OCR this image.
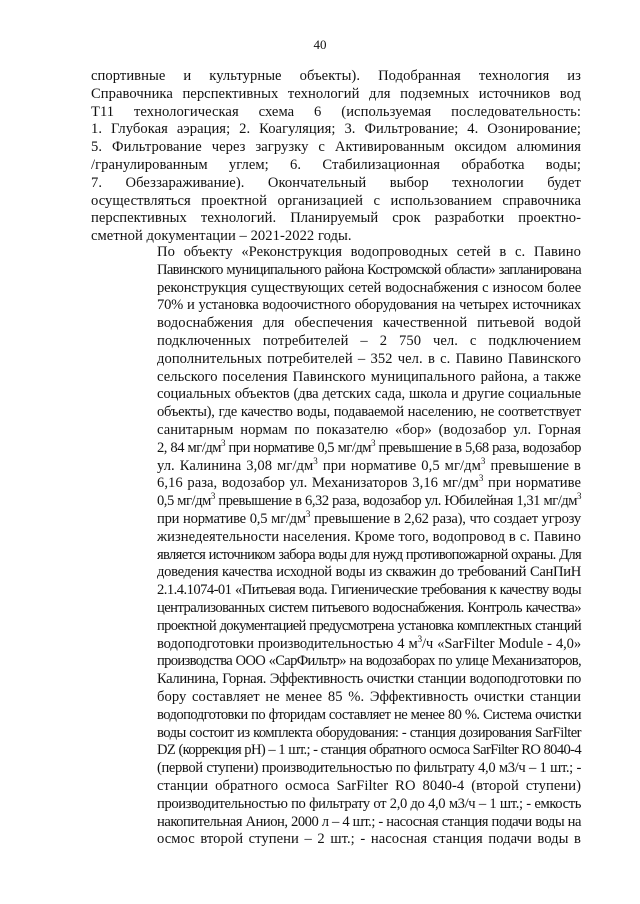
40
спортивные и культурные объекты). Подобранная технология из
Справочника перспективных технологий для подземных источников вод
Т11 технологическая схема 6 (используемая последовательность:
1. Глубокая аэрация; 2. Коагуляция; 3. Фильтрование; 4. Озонирование;
5. Фильтрование через загрузку с Активированным оксидом алюминия
/гранулированным углем; 6. Стабилизационная обработка воды;
7. Обеззараживание). Окончательный выбор технологии будет
осуществляться проектной организацией с использованием справочника
перспективных технологий. Планируемый срок разработки проектно-
сметной документации – 2021-2022 годы.
По объекту «Реконструкция водопроводных сетей в с. Павино
Павинского муниципального района Костромской области» запланирована
реконструкция существующих сетей водоснабжения с износом более
70% и установка водоочистного оборудования на четырех источниках
водоснабжения для обеспечения качественной питьевой водой
подключенных потребителей – 2 750 чел. с подключением
дополнительных потребителей – 352 чел. в с. Павино Павинского
сельского поселения Павинского муниципального района, а также
социальных объектов (два детских сада, школа и другие социальные
объекты), где качество воды, подаваемой населению, не соответствует
санитарным нормам по показателю «бор» (водозабор ул. Горная
2, 84 $мг/дм^3$ при нормативе 0,5 $мг/дм^3$ превышение в 5,68 раза, водозабор
ул. Калинина 3,08 $мг/дм^3$ при нормативе 0,5 $мг/дм^3$ превышение в
6,16 раза, водозабор ул. Механизаторов 3,16 $мг/дм^3$ при нормативе
0,5 $мг/дм^3$ превышение в 6,32 раза, водозабор ул. Юбилейная 1,31 $мг/дм^3$
при нормативе 0,5 $мг/дм^3$ превышение в 2,62 раза), что создает угрозу
жизнедеятельности населения. Кроме того, водопровод в с. Павино
является источником забора воды для нужд противопожарной охраны. Для
доведения качества исходной воды из скважин до требований СанПиН
2.1.4.1074-01 «Питьевая вода. Гигиенические требования к качеству воды
централизованных систем питьевого водоснабжения. Контроль качества»
проектной документацией предусмотрена установка комплектных станций
водоподготовки производительностью 4 $м^3/ч$ «SarFilter Module - 4,0»
производства ООО «СарФильтр» на водозаборах по улице Механизаторов,
Калинина, Горная. Эффективность очистки станции водоподготовки по
бору составляет не менее 85 %. Эффективность очистки станции
водоподготовки по фторидам составляет не менее 80 %. Система очистки
воды состоит из комплекта оборудования: - станция дозирования SarFilter
DZ (коррекция pH) – 1 шт.; - станция обратного осмоса SarFilter RO 8040-4
(первой ступени) производительностью по фильтрату 4,0 м3/ч – 1 шт.; -
станции обратного осмоса SarFilter RO 8040-4 (второй ступени)
производительностью по фильтрату от 2,0 до 4,0 м3/ч – 1 шт.; - емкость
накопительная Анион, 2000 л – 4 шт.; - насосная станция подачи воды на
осмос второй ступени – 2 шт.; - насосная станция подачи воды в
